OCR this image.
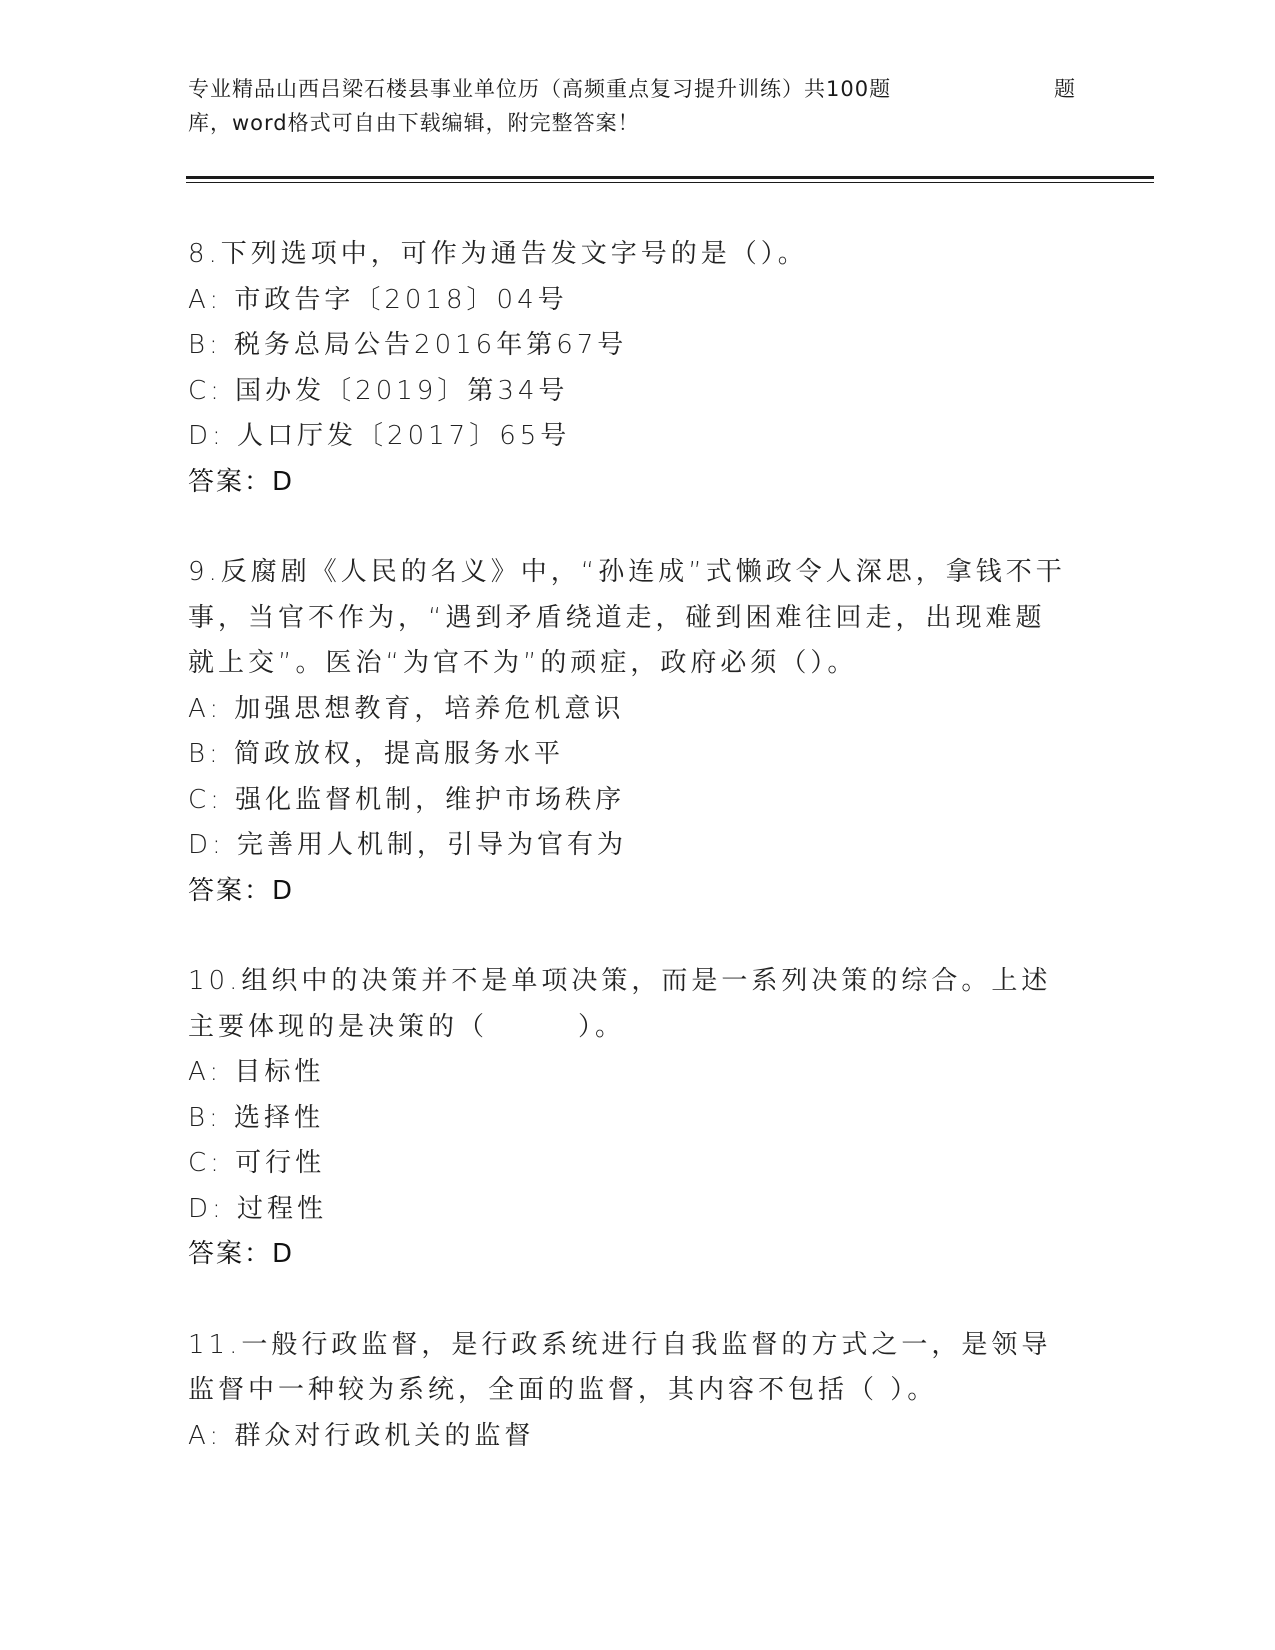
专业精品山西吕梁石楼县事业单位历（高频重点复习提升训练）共100题	题
库，word格式可自由下载编辑，附完整答案！
8.下列选项中，可作为通告发文字号的是（）。
A: 市政告字〔2018〕04号
B: 税务总局公告2016年第67号
C: 国办发〔2019〕第34号
D: 人口厅发〔2017〕65号
答案：D
9.反腐剧《人民的名义》中，“孙连成”式懒政令人深思，拿钱不干事，当官不作为，“遇到矛盾绕道走，碰到困难往回走，出现难题就上交”。医治“为官不为”的顽症，政府必须（）。
A: 加强思想教育，培养危机意识
B: 简政放权，提高服务水平
C: 强化监督机制，维护市场秩序
D: 完善用人机制，引导为官有为
答案：D
10.组织中的决策并不是单项决策，而是一系列决策的综合。上述主要体现的是决策的（　　　）。
A: 目标性
B: 选择性
C: 可行性
D: 过程性
答案：D
11.一般行政监督，是行政系统进行自我监督的方式之一，是领导监督中一种较为系统，全面的监督，其内容不包括（ ）。
A: 群众对行政机关的监督
